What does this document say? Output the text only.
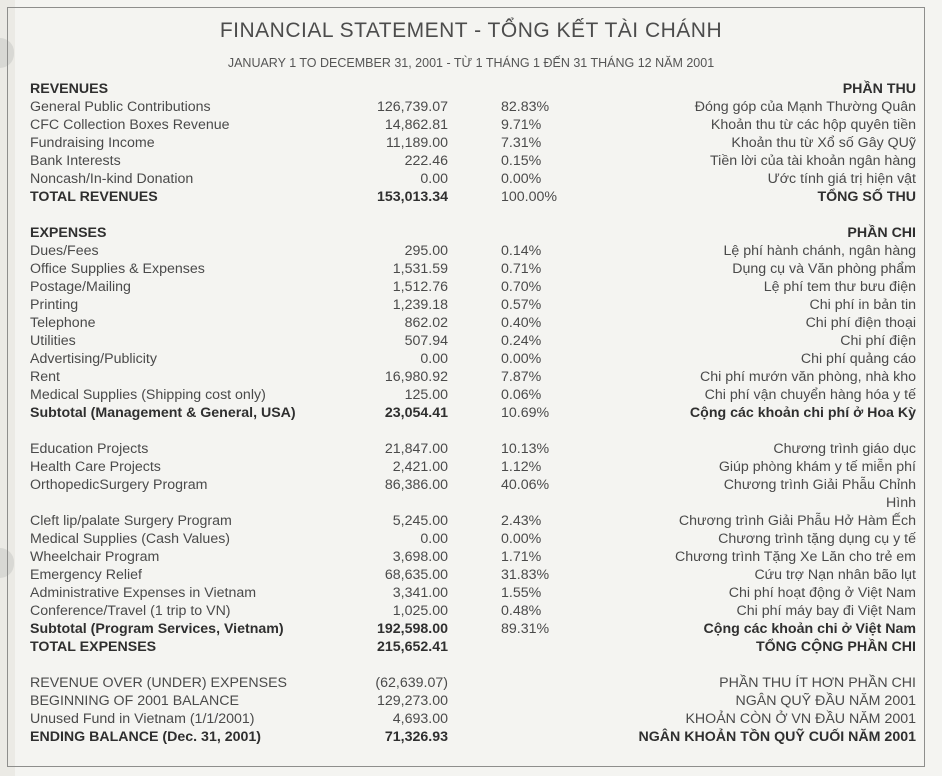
FINANCIAL STATEMENT - TỔNG KẾT TÀI CHÁNH
JANUARY 1 TO DECEMBER 31, 2001 - TỪ 1 THÁNG 1 ĐẾN 31 THÁNG 12 NĂM 2001
REVENUES	PHẦN THU
General Public Contributions	126,739.07	82.83%	Đóng góp của Mạnh Thường Quân
CFC Collection Boxes Revenue	14,862.81	9.71%	Khoản thu từ các hộp quyên tiền
Fundraising Income	11,189.00	7.31%	Khoản thu từ Xổ số Gây QUỹ
Bank Interests	222.46	0.15%	Tiền lời của tài khoản ngân hàng
Noncash/In-kind Donation	0.00	0.00%	Ước tính giá trị hiện vật
TOTAL REVENUES	153,013.34	100.00%	TỔNG SỐ THU
EXPENSES	PHẦN CHI
Dues/Fees	295.00	0.14%	Lệ phí hành chánh, ngân hàng
Office Supplies & Expenses	1,531.59	0.71%	Dụng cụ và Văn phòng phẩm
Postage/Mailing	1,512.76	0.70%	Lệ phí tem thư bưu điện
Printing	1,239.18	0.57%	Chi phí in bản tin
Telephone	862.02	0.40%	Chi phí điện thoại
Utilities	507.94	0.24%	Chi phí điện
Advertising/Publicity	0.00	0.00%	Chi phí quảng cáo
Rent	16,980.92	7.87%	Chi phí mướn văn phòng, nhà kho
Medical Supplies (Shipping cost only)	125.00	0.06%	Chi phí vận chuyển hàng hóa y tế
Subtotal (Management & General, USA)	23,054.41	10.69%	Cộng các khoản chi phí ở Hoa Kỳ
Education Projects	21,847.00	10.13%	Chương trình giáo dục
Health Care Projects	2,421.00	1.12%	Giúp phòng khám y tế miễn phí
OrthopedicSurgery Program	86,386.00	40.06%	Chương trình Giải Phẫu Chỉnh
Hình
Cleft lip/palate Surgery Program	5,245.00	2.43%	Chương trình Giải Phẫu Hở Hàm Ếch
Medical Supplies (Cash Values)	0.00	0.00%	Chương trình tặng dụng cụ y tế
Wheelchair Program	3,698.00	1.71%	Chương trình Tặng Xe Lăn cho trẻ em
Emergency Relief	68,635.00	31.83%	Cứu trợ Nạn nhân bão lụt
Administrative Expenses in Vietnam	3,341.00	1.55%	Chi phí hoạt động ở Việt Nam
Conference/Travel (1 trip to VN)	1,025.00	0.48%	Chi phí máy bay đi Việt Nam
Subtotal (Program Services, Vietnam)	192,598.00	89.31%	Cộng các khoản chi ở Việt Nam
TOTAL EXPENSES	215,652.41	TỔNG CỘNG PHẦN CHI
REVENUE OVER (UNDER) EXPENSES	(62,639.07)	PHẦN THU ÍT HƠN PHẦN CHI
BEGINNING OF 2001 BALANCE	129,273.00	NGÂN QUỸ ĐẦU NĂM 2001
Unused Fund in Vietnam (1/1/2001)	4,693.00	KHOẢN CÒN Ở VN ĐẦU NĂM 2001
ENDING BALANCE (Dec. 31, 2001)	71,326.93	NGÂN KHOẢN TỒN QUỸ CUỐI NĂM 2001
